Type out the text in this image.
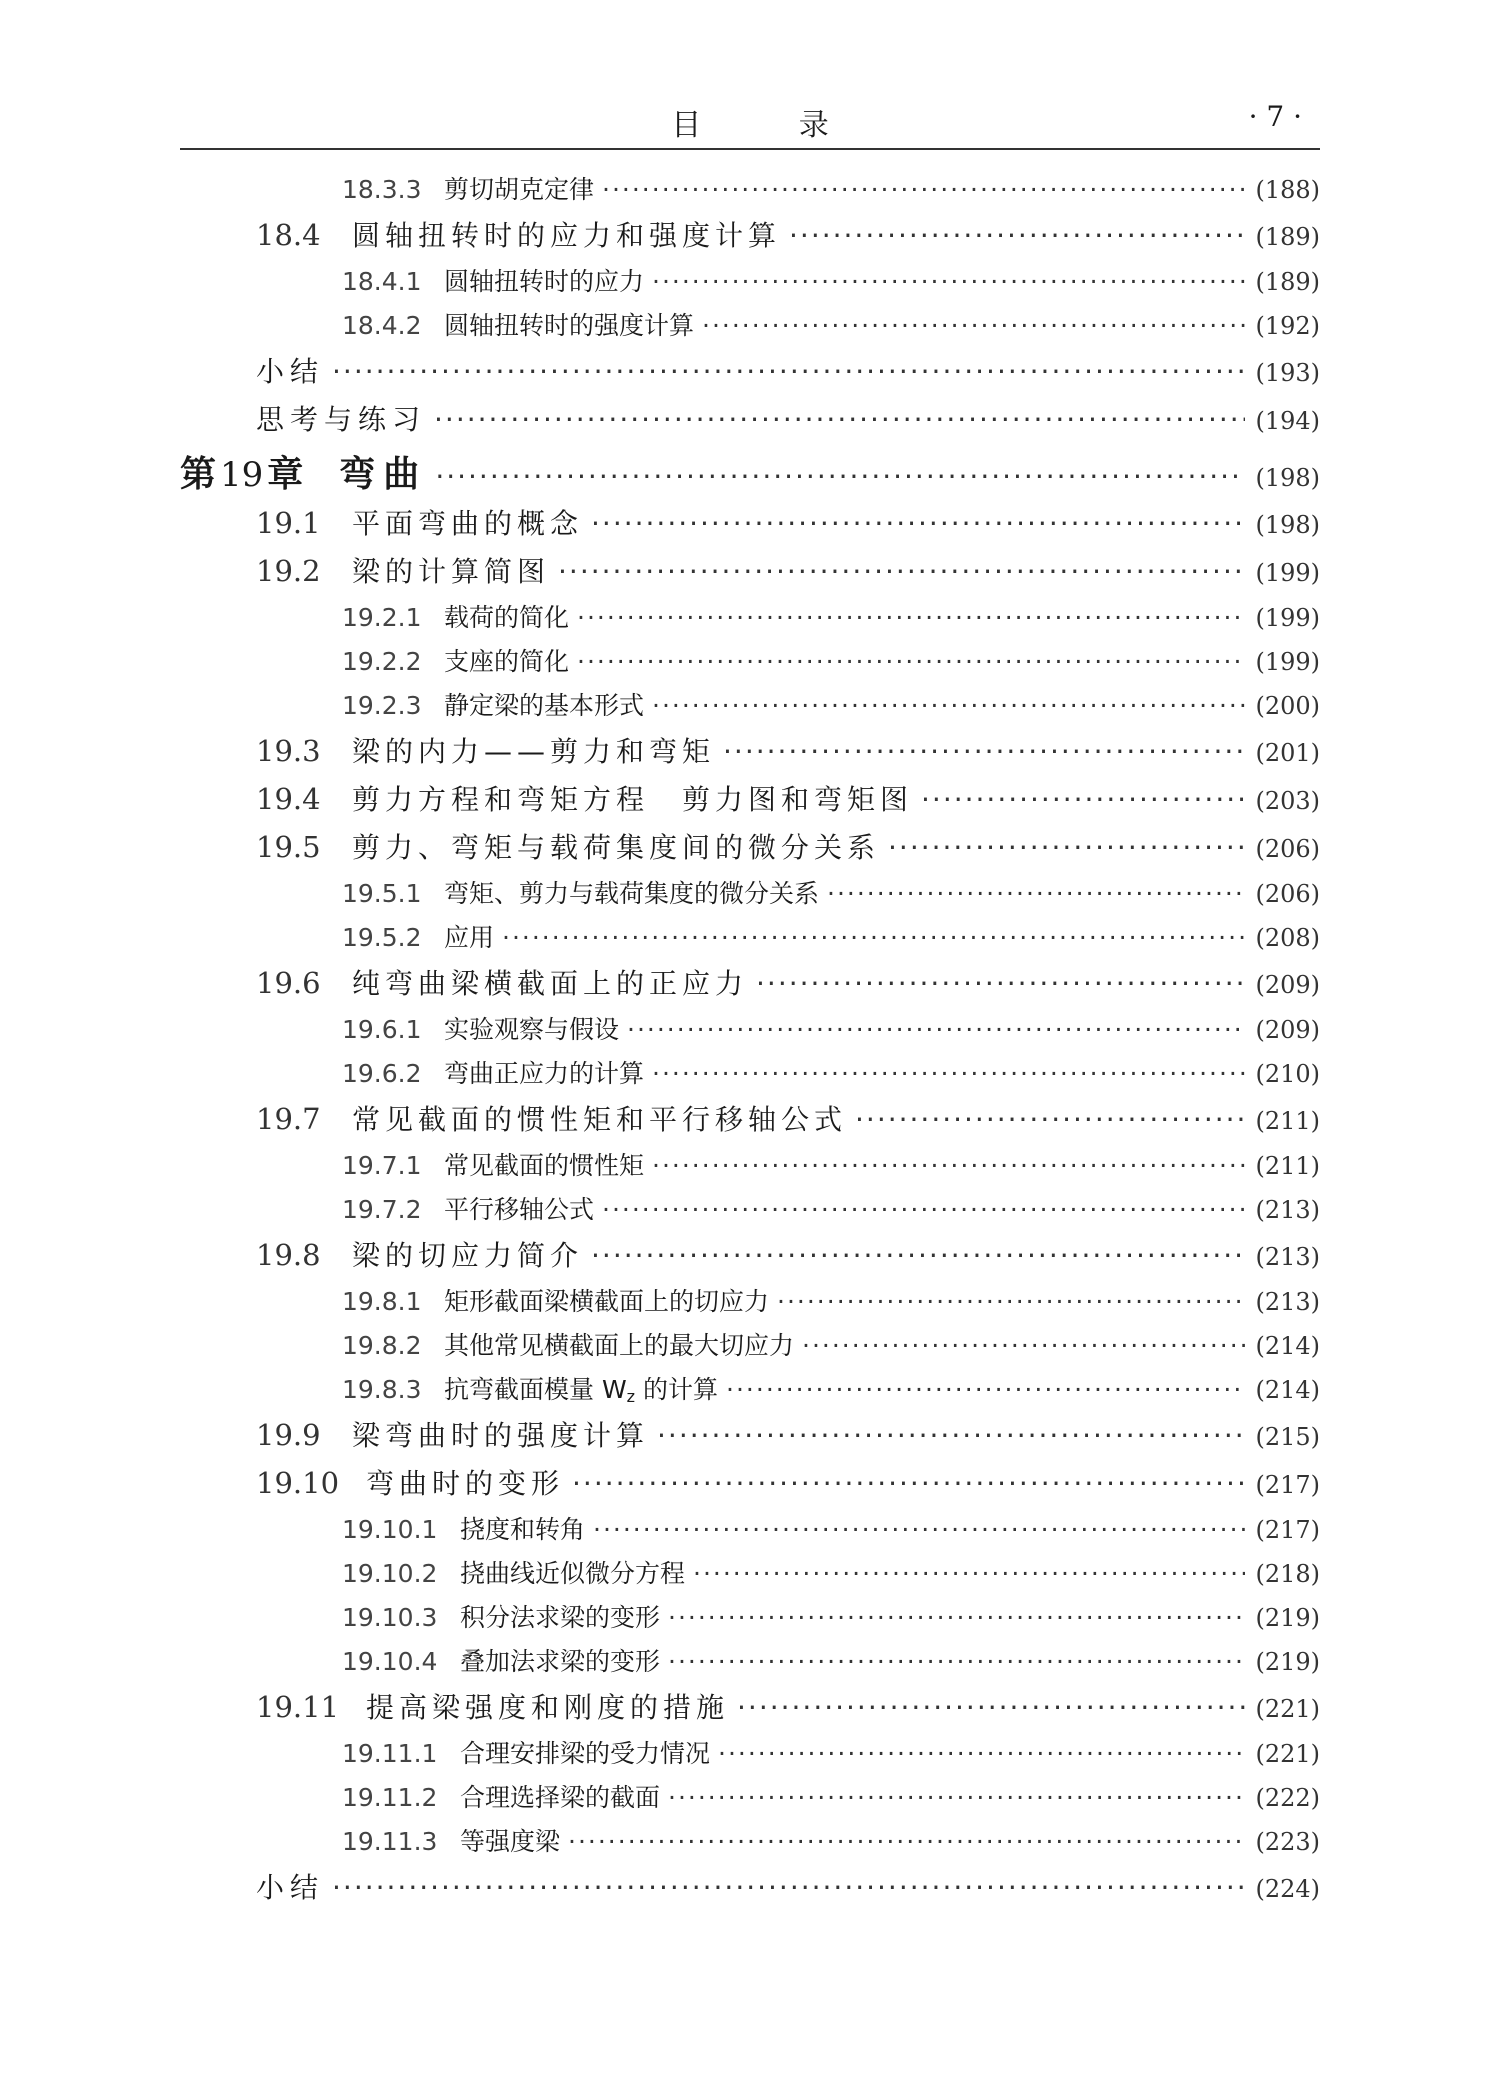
目 录	· 7 ·
18.3.3 剪切胡克定律 ·····	(188)
18.4	圆轴扭转时的应力和强度计算 ·····	(189)
18.4.1 圆轴扭转时的应力 ·····	(189)
18.4.2 圆轴扭转时的强度计算 ·····	(192)
小结 ·····	(193)
思考与练习 ·····	(194)
第 19 章 弯曲 ·····	(198)
19.1	平面弯曲的概念 ·····	(198)
19.2	梁的计算简图 ·····	(199)
19.2.1 载荷的简化 ·····	(199)
19.2.2 支座的简化 ·····	(199)
19.2.3 静定梁的基本形式 ·····	(200)
19.3	梁的内力——剪力和弯矩 ·····	(201)
19.4	剪力方程和弯矩方程　剪力图和弯矩图 ·····	(203)
19.5	剪力、弯矩与载荷集度间的微分关系 ·····	(206)
19.5.1 弯矩、剪力与载荷集度的微分关系 ·····	(206)
19.5.2 应用 ·····	(208)
19.6	纯弯曲梁横截面上的正应力 ·····	(209)
19.6.1 实验观察与假设 ·····	(209)
19.6.2 弯曲正应力的计算 ·····	(210)
19.7	常见截面的惯性矩和平行移轴公式 ·····	(211)
19.7.1 常见截面的惯性矩 ·····	(211)
19.7.2 平行移轴公式 ·····	(213)
19.8	梁的切应力简介 ·····	(213)
19.8.1 矩形截面梁横截面上的切应力 ·····	(213)
19.8.2 其他常见横截面上的最大切应力 ·····	(214)
19.8.3 抗弯截面模量 Wz 的计算 ·····	(214)
19.9	梁弯曲时的强度计算 ·····	(215)
19.10 弯曲时的变形 ·····	(217)
19.10.1 挠度和转角 ·····	(217)
19.10.2 挠曲线近似微分方程 ·····	(218)
19.10.3 积分法求梁的变形 ·····	(219)
19.10.4 叠加法求梁的变形 ·····	(219)
19.11 提高梁强度和刚度的措施 ·····	(221)
19.11.1 合理安排梁的受力情况 ·····	(221)
19.11.2 合理选择梁的截面 ·····	(222)
19.11.3 等强度梁 ·····	(223)
小结 ·····	(224)
